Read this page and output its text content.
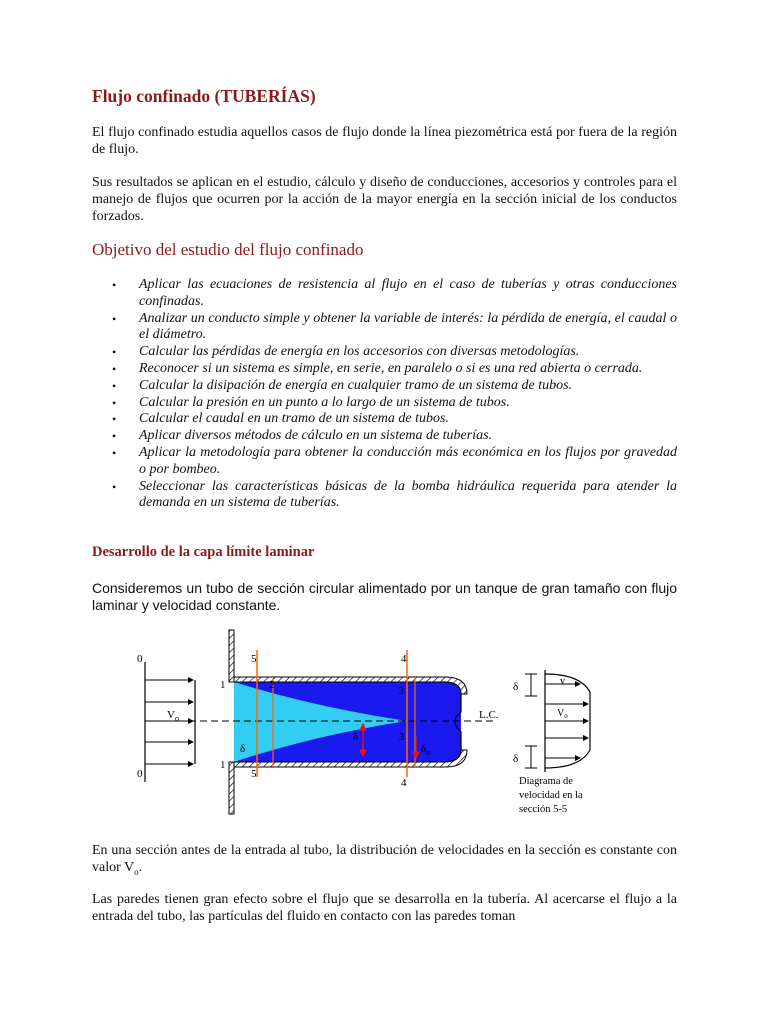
Flujo confinado (TUBERÍAS)
El flujo confinado estudia aquellos casos de flujo donde la línea piezométrica está por fuera de la región de flujo.
Sus resultados se aplican en el estudio, cálculo y diseño de conducciones, accesorios y controles para el manejo de flujos que ocurren por la acción de la mayor energía en la sección inicial de los conductos forzados.
Objetivo del estudio del flujo confinado
• Aplicar las ecuaciones de resistencia al flujo en el caso de tuberías y otras conducciones confinadas.
• Analizar un conducto simple y obtener la variable de interés: la pérdida de energía, el caudal o el diámetro.
• Calcular las pérdidas de energía en los accesorios con diversas metodologías.
• Reconocer si un sistema es simple, en serie, en paralelo o si es una red abierta o cerrada.
• Calcular la disipación de energía en cualquier tramo de un sistema de tubos.
• Calcular la presión en un punto a lo largo de un sistema de tubos.
• Calcular el caudal en un tramo de un sistema de tubos.
• Aplicar diversos métodos de cálculo en un sistema de tuberías.
• Aplicar la metodología para obtener la conducción más económica en los flujos por gravedad o por bombeo.
• Seleccionar las características básicas de la bomba hidráulica requerida para atender la demanda en un sistema de tuberías.
Desarrollo de la capa límite laminar
Consideremos un tubo de sección circular alimentado por un tanque de gran tamaño con flujo laminar y velocidad constante.
En una sección antes de la entrada al tubo, la distribución de velocidades en la sección es constante con valor $V_o$.
Las paredes tienen gran efecto sobre el flujo que se desarrolla en la tubería. Al acercarse el flujo a la entrada del tubo, las partículas del fluido en contacto con las paredes toman
0
0
1
1
5
5
2
4
4
3
3
$V_o$
δ
δ
$\delta_o$
L.C.
δ
δ
v
$V_o$
Diagrama de
velocidad en la
sección 5-5
